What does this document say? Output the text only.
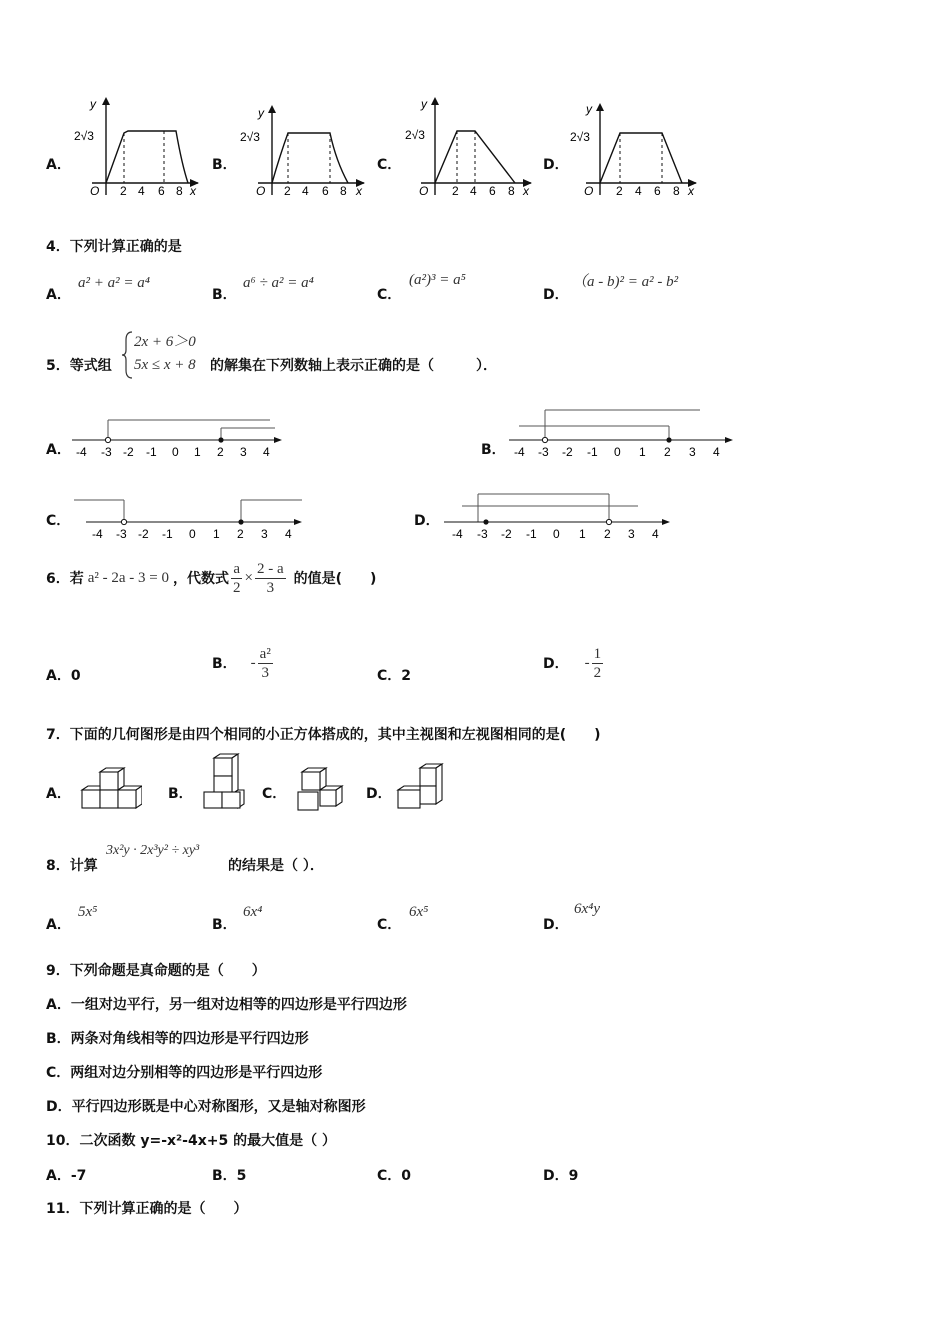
A．	B．	C．	D．
y
x
O
2√3
2 4 6 8
y
x
O
2√3
2 4 6 8
y
x
O
2√3
2 4 6 8
y
x
O
2√3
2 4 6 8
4．下列计算正确的是
A．
a² + a² = a⁴
B．
a⁶ ÷ a² = a⁴
C．
(a²)³ = a⁵
D．
（a - b)² = a² - b²
5．等式组
2x + 6＞0
5x ≤ x + 8 的解集在下列数轴上表示正确的是（　　　）．
A． -4 -3 -2 -1 0 1 2 3 4	B． -4 -3 -2 -1 0 1 2 3 4
C．
-4 -3 -2 -1 0 1 2 3 4
D．
-4 -3 -2 -1 0 1 2 3 4
6．若 a² - 2a - 3 = 0 ，代数式 $\frac{a}{2} \times \frac{2 - a}{3}$ 的值是(　　)
A．0
B． - $\frac{\text{a²}}{3}$	C．2
D． - $\frac{1}{2}$
7．下面的几何图形是由四个相同的小正方体搭成的，其中主视图和左视图相同的是(　　)
A．	B．	C．	D．
8．计算
3x²y · 2x³y² ÷ xy³
的结果是（ ）．
A．
5x⁵
B．
6x⁴
C．
6x⁵
D．
6x⁴y
9．下列命题是真命题的是（　　）
A．一组对边平行，另一组对边相等的四边形是平行四边形
B．两条对角线相等的四边形是平行四边形
C．两组对边分别相等的四边形是平行四边形
D．平行四边形既是中心对称图形，又是轴对称图形
10．二次函数 y=-x²-4x+5 的最大值是（ ）
A．-7	B．5	C．0	D．9
11．下列计算正确的是（　　）
